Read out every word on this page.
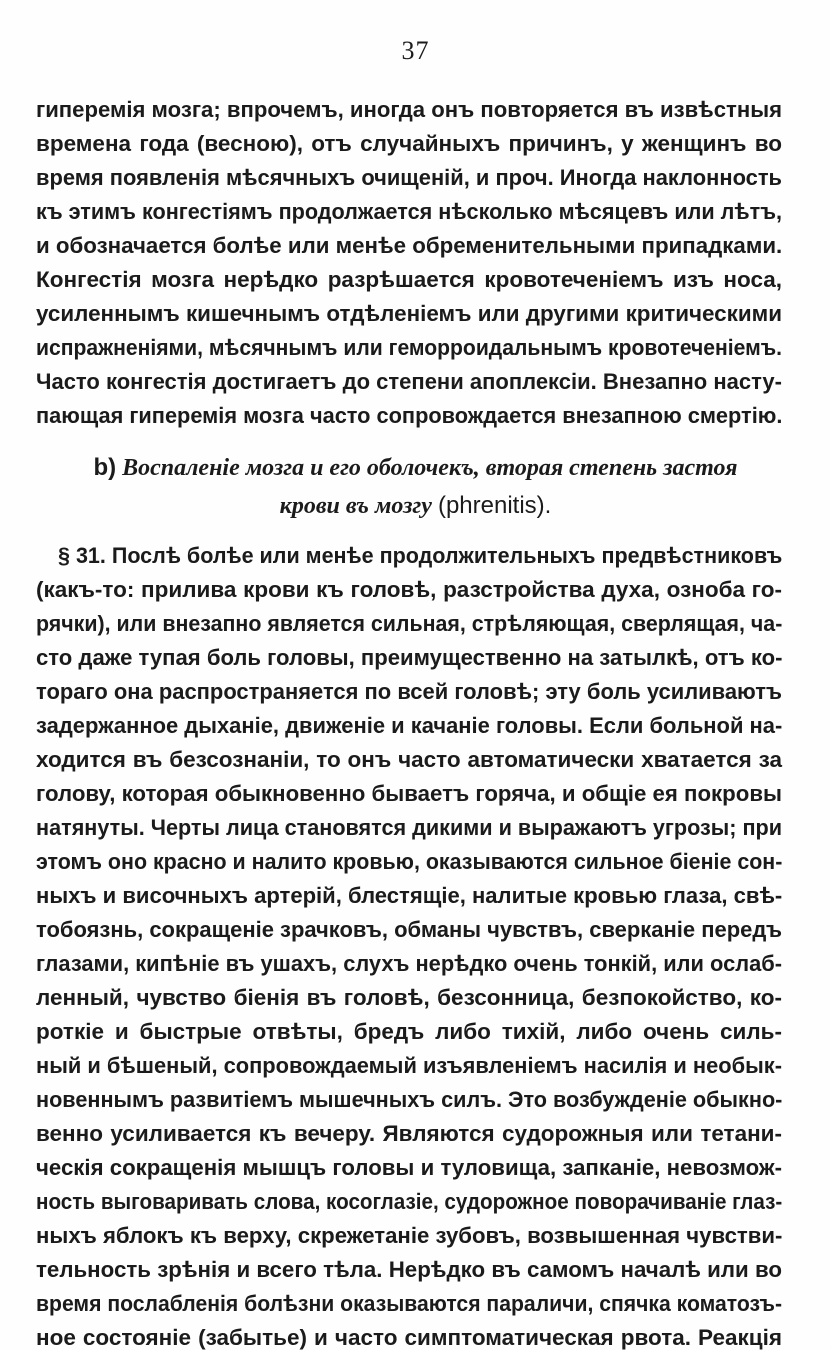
37
гиперемія мозга; впрочемъ, иногда онъ повторяется въ извѣстныя
времена года (весною), отъ случайныхъ причинъ, у женщинъ во
время появленія мѣсячныхъ очищеній, и проч. Иногда наклонность
къ этимъ конгестіямъ продолжается нѣсколько мѣсяцевъ или лѣтъ,
и обозначается болѣе или менѣе обременительными припадками.
Конгестія мозга нерѣдко разрѣшается кровотеченіемъ изъ носа,
усиленнымъ кишечнымъ отдѣленіемъ или другими критическими
испражненіями, мѣсячнымъ или геморроидальнымъ кровотеченіемъ.
Часто конгестія достигаетъ до степени апоплексіи. Внезапно насту-
пающая гиперемія мозга часто сопровождается внезапною смертію.
b) Воспаленіе мозга и его оболочекъ, вторая степень застоя
крови въ мозгу (phrenitis).
§ 31. Послѣ болѣе или менѣе продолжительныхъ предвѣстниковъ
(какъ-то: прилива крови къ головѣ, разстройства духа, озноба го-
рячки), или внезапно является сильная, стрѣляющая, сверлящая, ча-
сто даже тупая боль головы, преимущественно на затылкѣ, отъ ко-
тораго она распространяется по всей головѣ; эту боль усиливаютъ
задержанное дыханіе, движеніе и качаніе головы. Если больной на-
ходится въ безсознаніи, то онъ часто автоматически хватается за
голову, которая обыкновенно бываетъ горяча, и общіе ея покровы
натянуты. Черты лица становятся дикими и выражаютъ угрозы; при
этомъ оно красно и налито кровью, оказываются сильное біеніе сон-
ныхъ и височныхъ артерій, блестящіе, налитые кровью глаза, свѣ-
тобоязнь, сокращеніе зрачковъ, обманы чувствъ, сверканіе передъ
глазами, кипѣніе въ ушахъ, слухъ нерѣдко очень тонкій, или ослаб-
ленный, чувство біенія въ головѣ, безсонница, безпокойство, ко-
роткіе и быстрые отвѣты, бредъ либо тихій, либо очень силь-
ный и бѣшеный, сопровождаемый изъявленіемъ насилія и необык-
новеннымъ развитіемъ мышечныхъ силъ. Это возбужденіе обыкно-
венно усиливается къ вечеру. Являются судорожныя или тетани-
ческія сокращенія мышцъ головы и туловища, запканіе, невозмож-
ность выговаривать слова, косоглазіе, судорожное поворачиваніе глаз-
ныхъ яблокъ къ верху, скрежетаніе зубовъ, возвышенная чувстви-
тельность зрѣнія и всего тѣла. Нерѣдко въ самомъ началѣ или во
время послабленія болѣзни оказываются параличи, спячка коматозъ-
ное состояніе (забытье) и часто симптоматическая рвота. Реакція
